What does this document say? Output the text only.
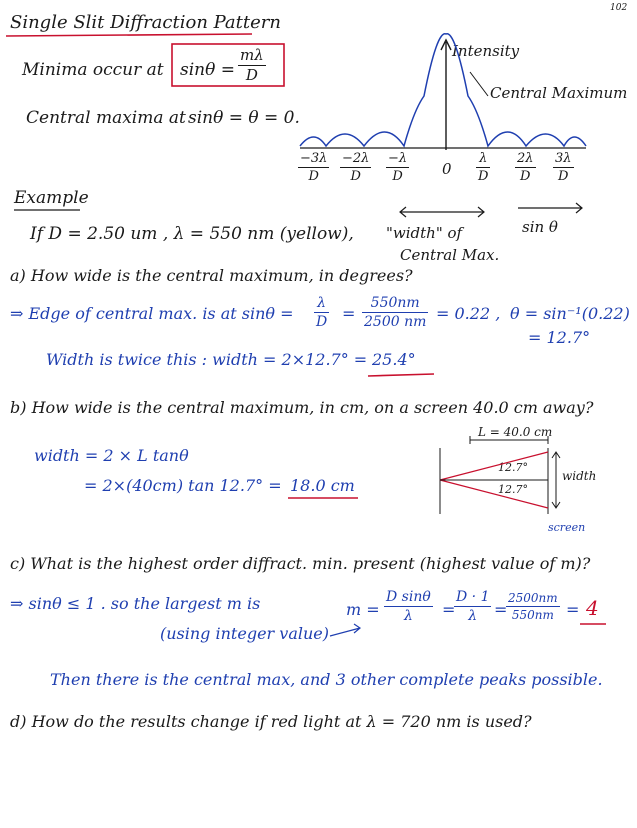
102
Single Slit Diffraction Pattern
Minima occur at $\sin\theta = \frac{m\lambda}{D}$
Central maxima at sinθ = θ = 0.
Intensity
Central Maximum
$\frac{-3\lambda}{D} \frac{-2\lambda}{D} \frac{-\lambda}{D} 0 \frac{\lambda}{D} \frac{2\lambda}{D} \frac{3\lambda}{D}$
Example
If D = 2.50 um , λ = 550 nm (yellow), "width" of
Central Max.
sin θ
a) How wide is the central maximum, in degrees?
⇒ Edge of central max. is at $\sin\theta = \frac{\lambda}{D} = \frac{550nm}{2500 nm} = 0.22$ , θ = sin⁻¹(0.22)
= 12.7°
Width is twice this : width = 2×12.7° = 25.4°
b) How wide is the central maximum, in cm, on a screen 40.0 cm away?
width = 2 × L tanθ
= 2×(40cm) tan 12.7° = 18.0 cm
L = 40.0 cm
12.7°
12.7°
width
screen
c) What is the highest order diffract. min. present (highest value of m)?
⇒ sinθ ≤ 1 . so the largest m is
(using integer value)
$m = \frac{\text{D sinθ}}{\lambda}$ =
$\frac{D \cdot 1}{\lambda}$ =
$\frac{2500nm}{550nm} = 4$
Then there is the central max, and 3 other complete peaks possible.
d) How do the results change if red light at λ = 720 nm is used?
